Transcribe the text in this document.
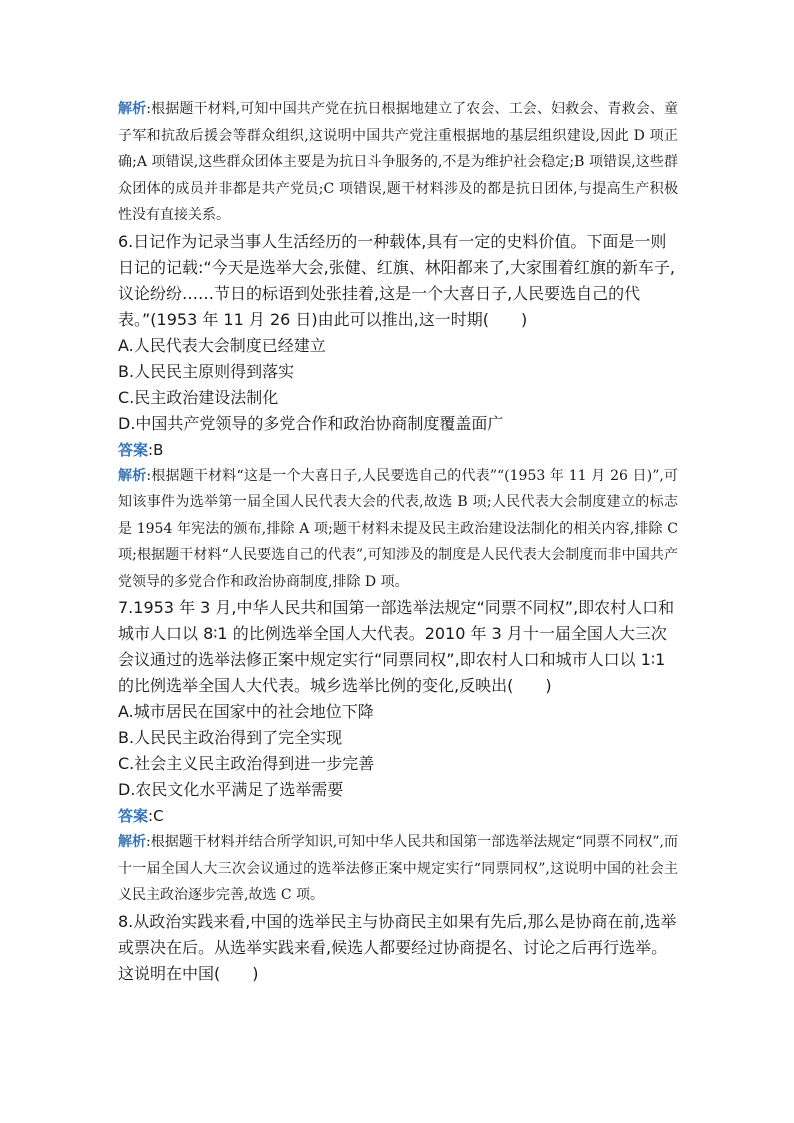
解析:根据题干材料,可知中国共产党在抗日根据地建立了农会、工会、妇救会、青救会、童子军和抗敌后援会等群众组织,这说明中国共产党注重根据地的基层组织建设,因此 D 项正确;A 项错误,这些群众团体主要是为抗日斗争服务的,不是为维护社会稳定;B 项错误,这些群众团体的成员并非都是共产党员;C 项错误,题干材料涉及的都是抗日团体,与提高生产积极性没有直接关系。

6.日记作为记录当事人生活经历的一种载体,具有一定的史料价值。下面是一则日记的记载:“今天是选举大会,张健、红旗、林阳都来了,大家围着红旗的新车子,议论纷纷……节日的标语到处张挂着,这是一个大喜日子,人民要选自己的代表。”(1953 年 11 月 26 日)由此可以推出,这一时期(　　)

A.人民代表大会制度已经建立

B.人民民主原则得到落实

C.民主政治建设法制化

D.中国共产党领导的多党合作和政治协商制度覆盖面广

答案:B

解析:根据题干材料“这是一个大喜日子,人民要选自己的代表”“(1953 年 11 月 26 日)”,可知该事件为选举第一届全国人民代表大会的代表,故选 B 项;人民代表大会制度建立的标志是 1954 年宪法的颁布,排除 A 项;题干材料未提及民主政治建设法制化的相关内容,排除 C 项;根据题干材料“人民要选自己的代表”,可知涉及的制度是人民代表大会制度而非中国共产党领导的多党合作和政治协商制度,排除 D 项。

7.1953 年 3 月,中华人民共和国第一部选举法规定“同票不同权”,即农村人口和城市人口以 8∶1 的比例选举全国人大代表。2010 年 3 月十一届全国人大三次会议通过的选举法修正案中规定实行“同票同权”,即农村人口和城市人口以 1∶1 的比例选举全国人大代表。城乡选举比例的变化,反映出(　　)

A.城市居民在国家中的社会地位下降

B.人民民主政治得到了完全实现

C.社会主义民主政治得到进一步完善

D.农民文化水平满足了选举需要

答案:C

解析:根据题干材料并结合所学知识,可知中华人民共和国第一部选举法规定“同票不同权”,而十一届全国人大三次会议通过的选举法修正案中规定实行“同票同权”,这说明中国的社会主义民主政治逐步完善,故选 C 项。

8.从政治实践来看,中国的选举民主与协商民主如果有先后,那么是协商在前,选举或票决在后。从选举实践来看,候选人都要经过协商提名、讨论之后再行选举。这说明在中国(　　)
